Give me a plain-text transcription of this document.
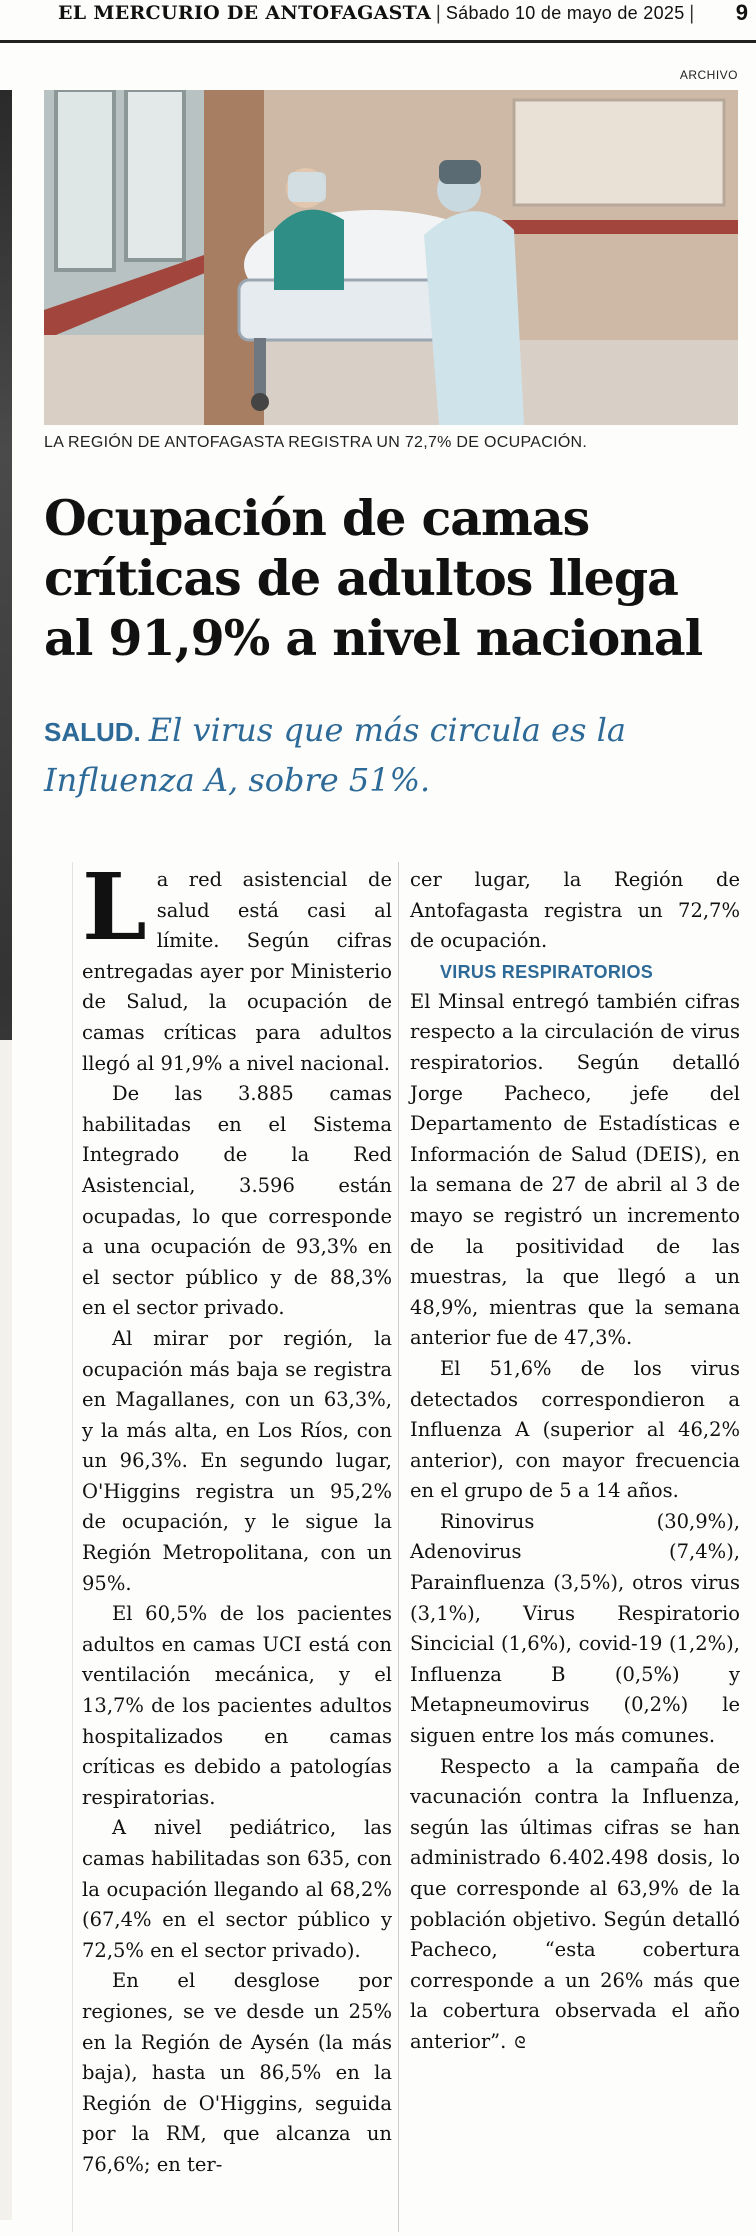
EL MERCURIO DE ANTOFAGASTA | Sábado 10 de mayo de 2025 | 9
ARCHIVO
LA REGIÓN DE ANTOFAGASTA REGISTRA UN 72,7% DE OCUPACIÓN.
Ocupación de camas
críticas de adultos llega
al 91,9% a nivel nacional
SALUD. El virus que más circula es la Influenza A, sobre 51%.

La red asistencial de salud está casi al límite. Según cifras entregadas ayer por Ministerio de Salud, la ocupación de camas críticas para adultos llegó al 91,9% a nivel nacional.

De las 3.885 camas habilitadas en el Sistema Integrado de la Red Asistencial, 3.596 están ocupadas, lo que corresponde a una ocupación de 93,3% en el sector público y de 88,3% en el sector privado.

Al mirar por región, la ocupación más baja se registra en Magallanes, con un 63,3%, y la más alta, en Los Ríos, con un 96,3%. En segundo lugar, O'Higgins registra un 95,2% de ocupación, y le sigue la Región Metropolitana, con un 95%.

El 60,5% de los pacientes adultos en camas UCI está con ventilación mecánica, y el 13,7% de los pacientes adultos hospitalizados en camas críticas es debido a patologías respiratorias.

A nivel pediátrico, las camas habilitadas son 635, con la ocupación llegando al 68,2% (67,4% en el sector público y 72,5% en el sector privado).

En el desglose por regiones, se ve desde un 25% en la Región de Aysén (la más baja), hasta un 86,5% en la Región de O'Higgins, seguida por la RM, que alcanza un 76,6%; en ter-

cer lugar, la Región de Antofagasta registra un 72,7% de ocupación.

VIRUS RESPIRATORIOS

El Minsal entregó también cifras respecto a la circulación de virus respiratorios. Según detalló Jorge Pacheco, jefe del Departamento de Estadísticas e Información de Salud (DEIS), en la semana de 27 de abril al 3 de mayo se registró un incremento de la positividad de las muestras, la que llegó a un 48,9%, mientras que la semana anterior fue de 47,3%.

El 51,6% de los virus detectados correspondieron a Influenza A (superior al 46,2% anterior), con mayor frecuencia en el grupo de 5 a 14 años.

Rinovirus (30,9%), Adenovirus (7,4%), Parainfluenza (3,5%), otros virus (3,1%), Virus Respiratorio Sincicial (1,6%), covid-19 (1,2%), Influenza B (0,5%) y Metapneumovirus (0,2%) le siguen entre los más comunes.

Respecto a la campaña de vacunación contra la Influenza, según las últimas cifras se han administrado 6.402.498 dosis, lo que corresponde al 63,9% de la población objetivo. Según detalló Pacheco, “esta cobertura corresponde a un 26% más que la cobertura observada el año anterior”. ᘓ
